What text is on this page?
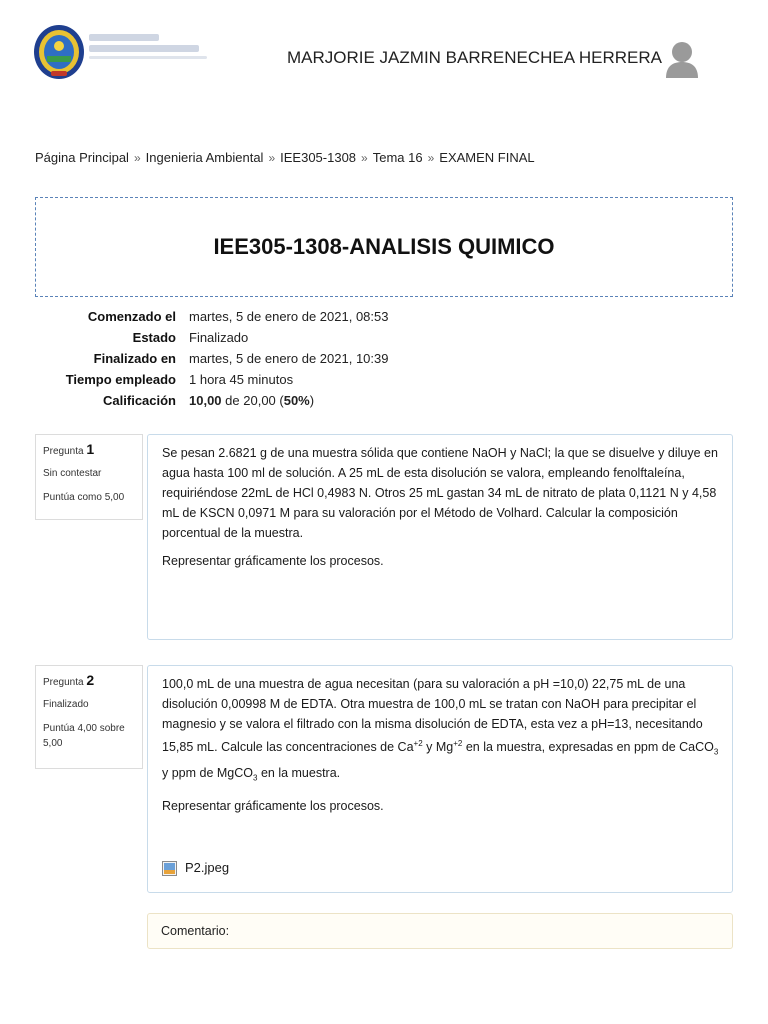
MARJORIE JAZMIN BARRENECHEA HERRERA
Página Principal » Ingenieria Ambiental » IEE305-1308 » Tema 16 » EXAMEN FINAL
IEE305-1308-ANALISIS QUIMICO
Comenzado el	martes, 5 de enero de 2021, 08:53
Estado	Finalizado
Finalizado en	martes, 5 de enero de 2021, 10:39
Tiempo empleado	1 hora 45 minutos
Calificación	10,00 de 20,00 (50%)
Pregunta 1
Sin contestar
Puntúa como 5,00

Se pesan 2.6821 g de una muestra sólida que contiene NaOH y NaCl; la que se disuelve y diluye en agua hasta 100 ml de solución. A 25 mL de esta disolución se valora, empleando fenolftaleína, requiriéndose 22mL de HCl 0,4983 N. Otros 25 mL gastan 34 mL de nitrato de plata 0,1121 N y 4,58 mL de KSCN 0,0971 M para su valoración por el Método de Volhard. Calcular la composición porcentual de la muestra.

Representar gráficamente los procesos.

Pregunta 2
Finalizado
Puntúa 4,00 sobre 5,00

100,0 mL de una muestra de agua necesitan (para su valoración a pH =10,0) 22,75 mL de una disolución 0,00998 M de EDTA. Otra muestra de 100,0 mL se tratan con NaOH para precipitar el magnesio y se valora el filtrado con la misma disolución de EDTA, esta vez a pH=13, necesitando 15,85 mL. Calcule las concentraciones de $Ca^{+2}$ y $Mg^{+2}$ en la muestra, expresadas en ppm de CaCO$_3$ y ppm de MgCO$_3$ en la muestra.

Representar gráficamente los procesos.

P2.jpeg
Comentario:
